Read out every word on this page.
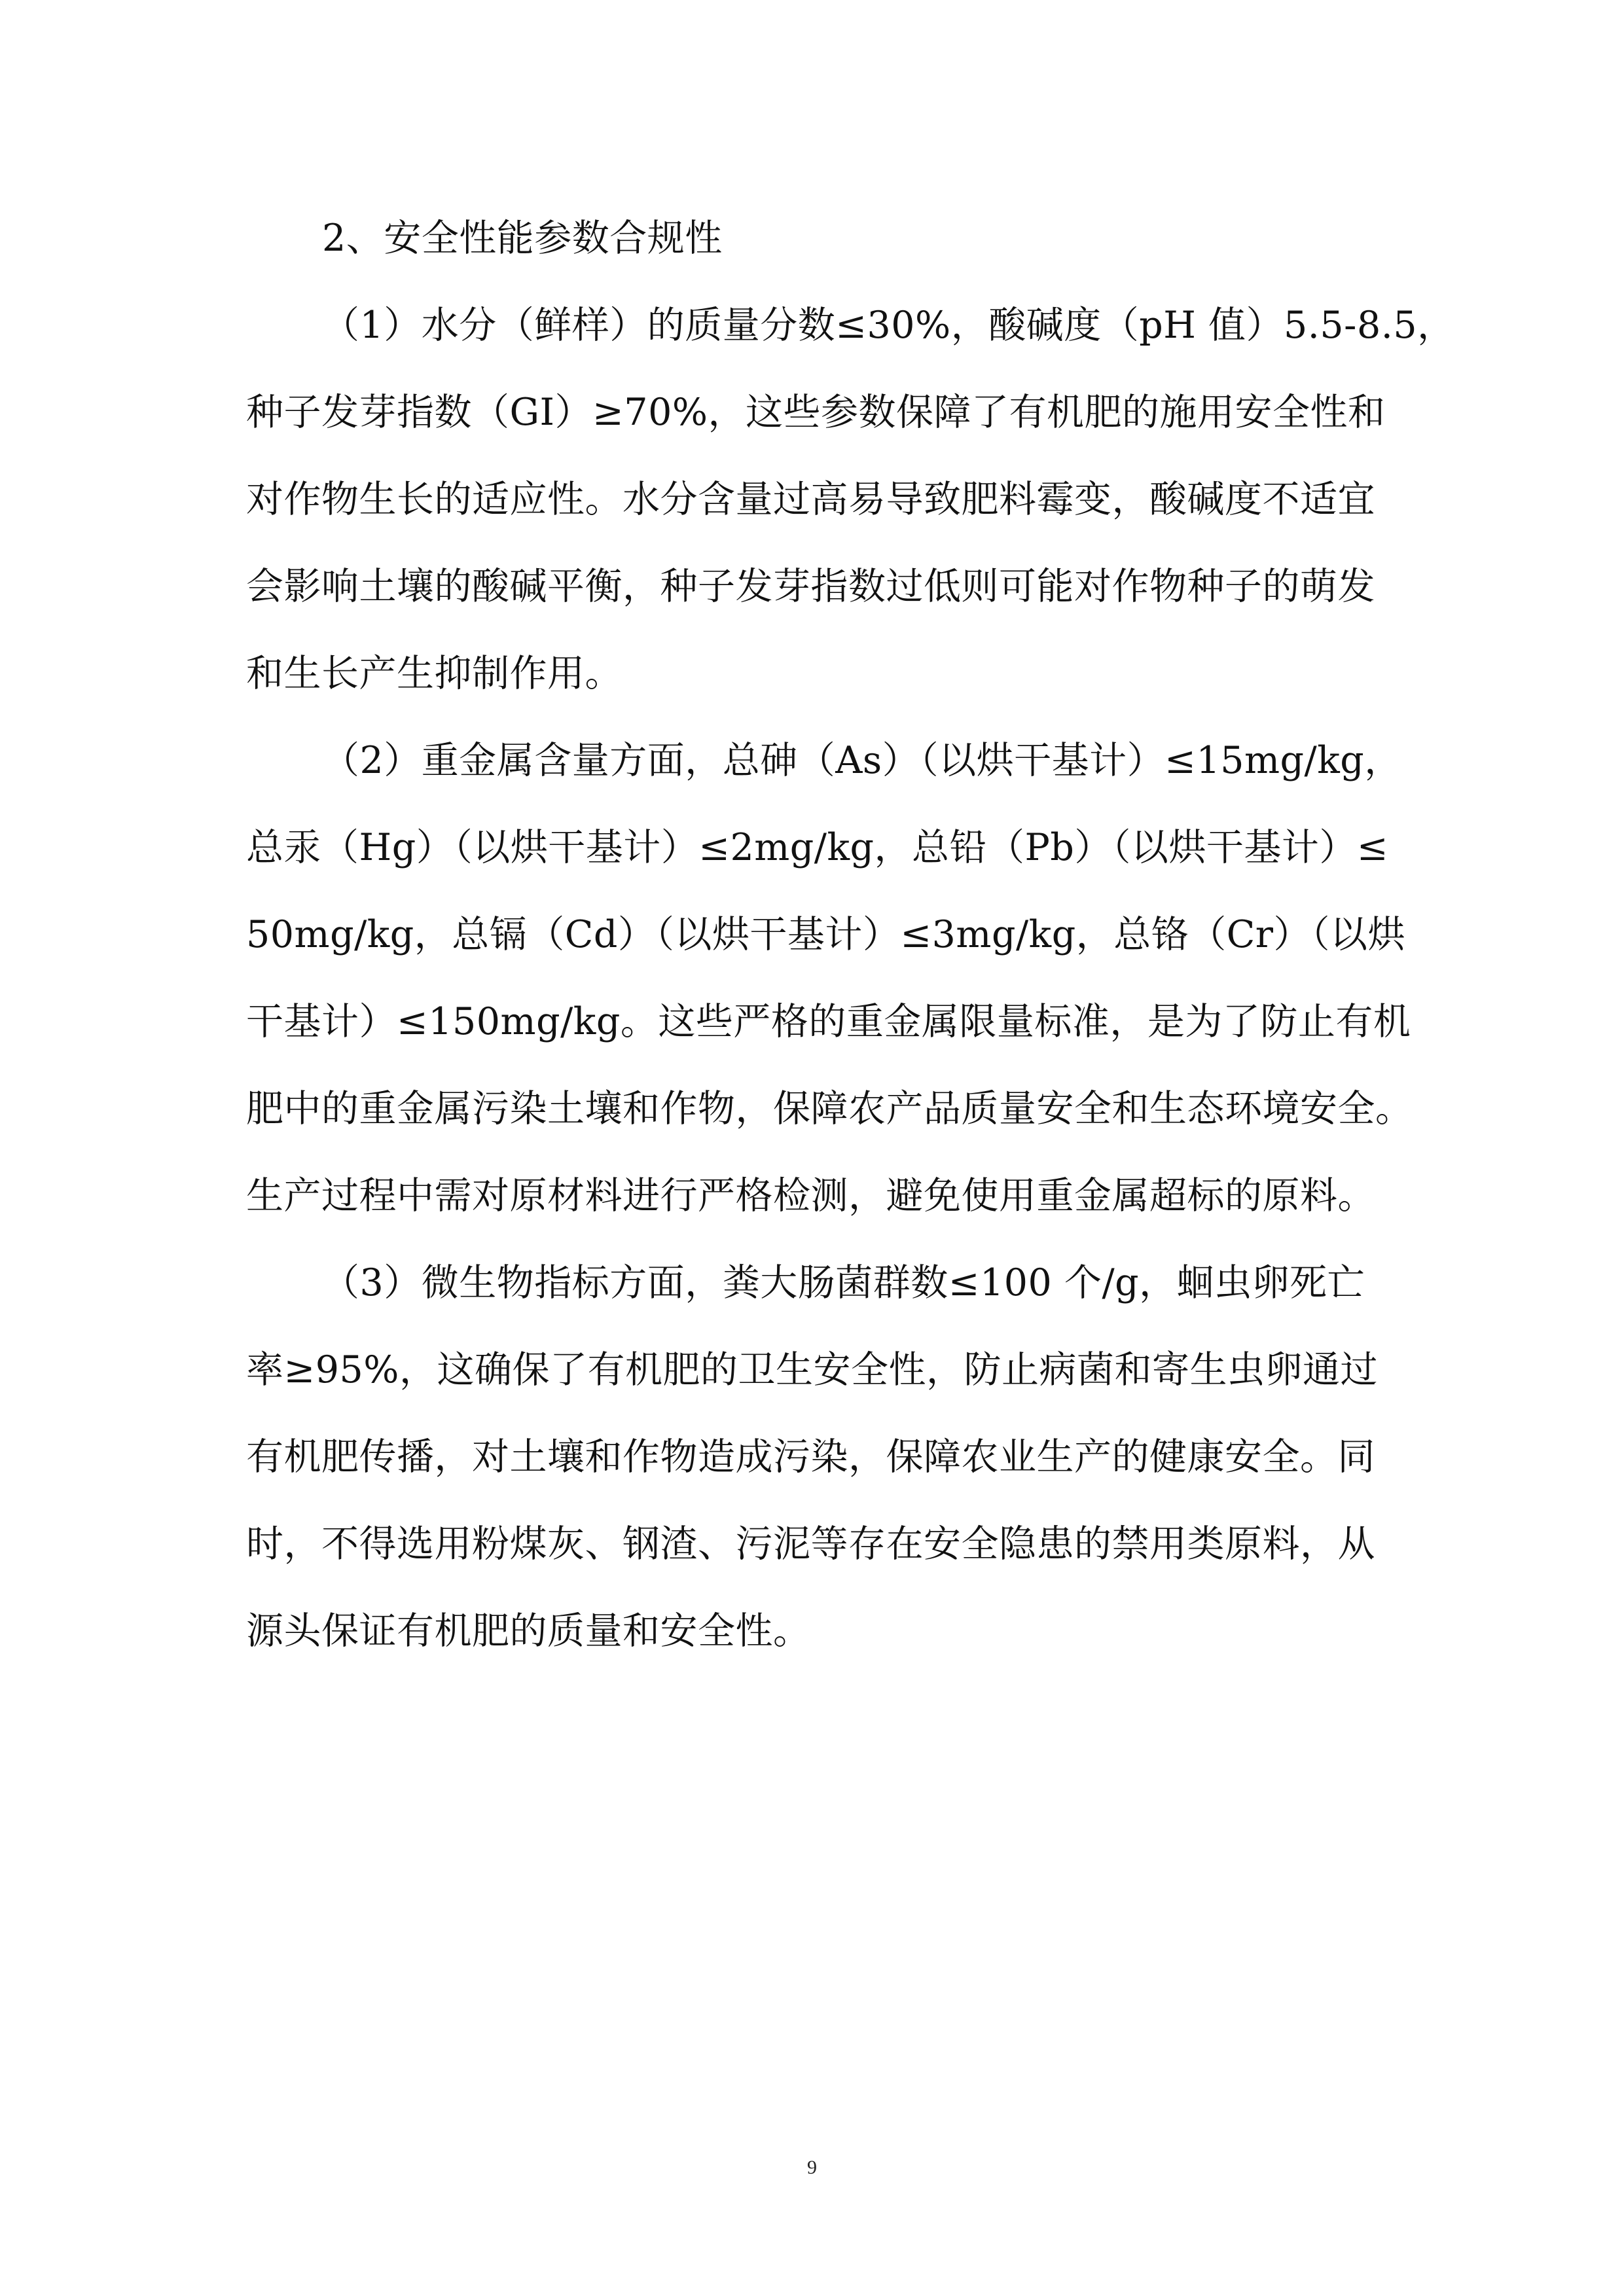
2、安全性能参数合规性
（1）水分（鲜样）的质量分数≤30%，酸碱度（pH 值）5.5-8.5，
种子发芽指数（GI）≥70%，这些参数保障了有机肥的施用安全性和
对作物生长的适应性。水分含量过高易导致肥料霉变，酸碱度不适宜
会影响土壤的酸碱平衡，种子发芽指数过低则可能对作物种子的萌发
和生长产生抑制作用。
（2）重金属含量方面，总砷（As）（以烘干基计）≤15mg/kg，
总汞（Hg）（以烘干基计）≤2mg/kg，总铅（Pb）（以烘干基计）≤
50mg/kg，总镉（Cd）（以烘干基计）≤3mg/kg，总铬（Cr）（以烘
干基计）≤150mg/kg。这些严格的重金属限量标准，是为了防止有机
肥中的重金属污染土壤和作物，保障农产品质量安全和生态环境安全。
生产过程中需对原材料进行严格检测，避免使用重金属超标的原料。
（3）微生物指标方面，粪大肠菌群数≤100 个/g，蛔虫卵死亡
率≥95%，这确保了有机肥的卫生安全性，防止病菌和寄生虫卵通过
有机肥传播，对土壤和作物造成污染，保障农业生产的健康安全。同
时，不得选用粉煤灰、钢渣、污泥等存在安全隐患的禁用类原料，从
源头保证有机肥的质量和安全性。
9
